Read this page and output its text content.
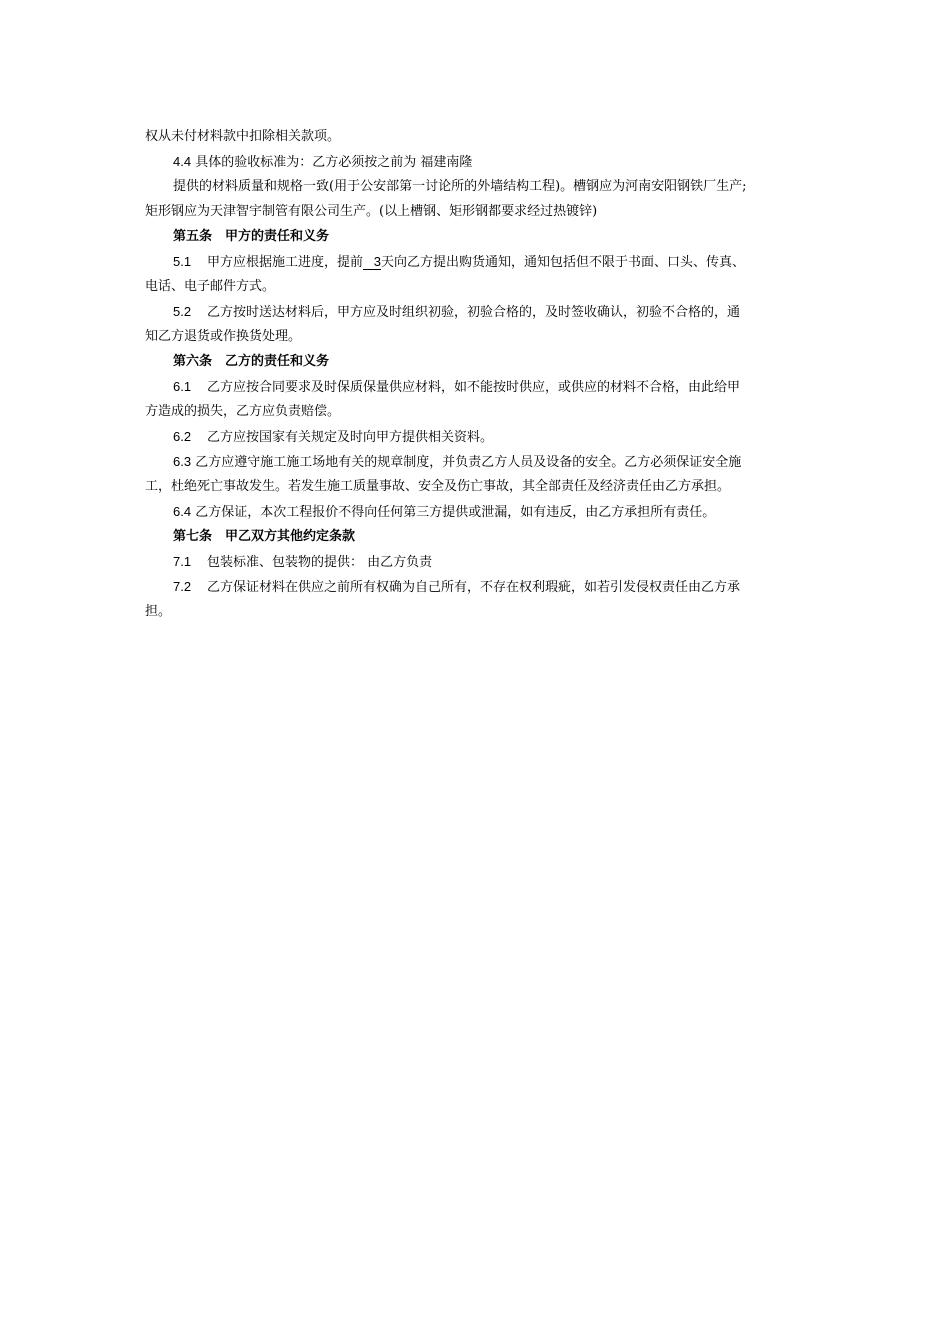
权从未付材料款中扣除相关款项。
4.4 具体的验收标准为：乙方必须按之前为 福建南隆
提供的材料质量和规格一致(用于公安部第一讨论所的外墙结构工程)。槽钢应为河南安阳钢铁厂生产;
矩形钢应为天津智宇制管有限公司生产。(以上槽钢、矩形钢都要求经过热镀锌)
第五条　甲方的责任和义务
5.1 甲方应根据施工进度，提前 3天向乙方提出购货通知，通知包括但不限于书面、口头、传真、
电话、电子邮件方式。
5.2 乙方按时送达材料后，甲方应及时组织初验，初验合格的，及时签收确认，初验不合格的，通
知乙方退货或作换货处理。
第六条　乙方的责任和义务
6.1 乙方应按合同要求及时保质保量供应材料，如不能按时供应，或供应的材料不合格，由此给甲
方造成的损失，乙方应负责赔偿。
6.2 乙方应按国家有关规定及时向甲方提供相关资料。
6.3 乙方应遵守施工施工场地有关的规章制度，并负责乙方人员及设备的安全。乙方必须保证安全施
工，杜绝死亡事故发生。若发生施工质量事故、安全及伤亡事故，其全部责任及经济责任由乙方承担。
6.4 乙方保证，本次工程报价不得向任何第三方提供或泄漏，如有违反，由乙方承担所有责任。
第七条　甲乙双方其他约定条款
7.1 包装标准、包装物的提供： 由乙方负责
7.2 乙方保证材料在供应之前所有权确为自己所有，不存在权利瑕疵，如若引发侵权责任由乙方承
担。
